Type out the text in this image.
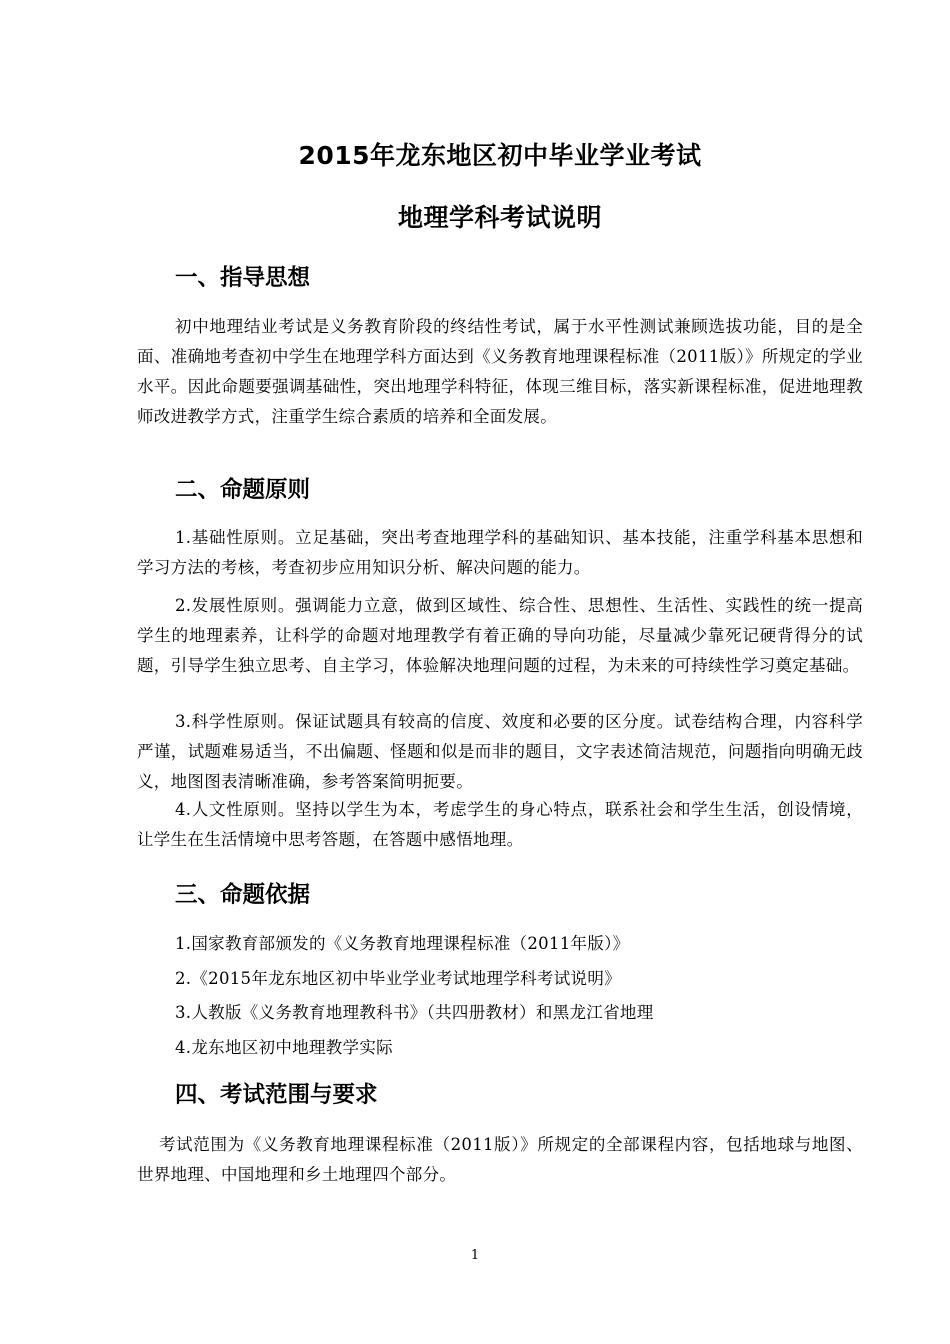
2015年龙东地区初中毕业学业考试
地理学科考试说明
一、指导思想

初中地理结业考试是义务教育阶段的终结性考试，属于水平性测试兼顾选拔功能，目的是全面、准确地考查初中学生在地理学科方面达到《义务教育地理课程标准（2011版）》所规定的学业水平。因此命题要强调基础性，突出地理学科特征，体现三维目标，落实新课程标准，促进地理教师改进教学方式，注重学生综合素质的培养和全面发展。

二、命题原则

1.基础性原则。立足基础，突出考查地理学科的基础知识、基本技能，注重学科基本思想和学习方法的考核，考查初步应用知识分析、解决问题的能力。

2.发展性原则。强调能力立意，做到区域性、综合性、思想性、生活性、实践性的统一提高学生的地理素养，让科学的命题对地理教学有着正确的导向功能，尽量减少靠死记硬背得分的试题，引导学生独立思考、自主学习，体验解决地理问题的过程，为未来的可持续性学习奠定基础。

3.科学性原则。保证试题具有较高的信度、效度和必要的区分度。试卷结构合理，内容科学严谨，试题难易适当，不出偏题、怪题和似是而非的题目，文字表述简洁规范，问题指向明确无歧义，地图图表清晰准确，参考答案简明扼要。

4.人文性原则。坚持以学生为本，考虑学生的身心特点，联系社会和学生生活，创设情境，让学生在生活情境中思考答题，在答题中感悟地理。

三、命题依据

1.国家教育部颁发的《义务教育地理课程标准（2011年版）》

2.《2015年龙东地区初中毕业学业考试地理学科考试说明》

3.人教版《义务教育地理教科书》（共四册教材）和黑龙江省地理

4.龙东地区初中地理教学实际

四、考试范围与要求

考试范围为《义务教育地理课程标准（2011版）》所规定的全部课程内容，包括地球与地图、世界地理、中国地理和乡土地理四个部分。

1
